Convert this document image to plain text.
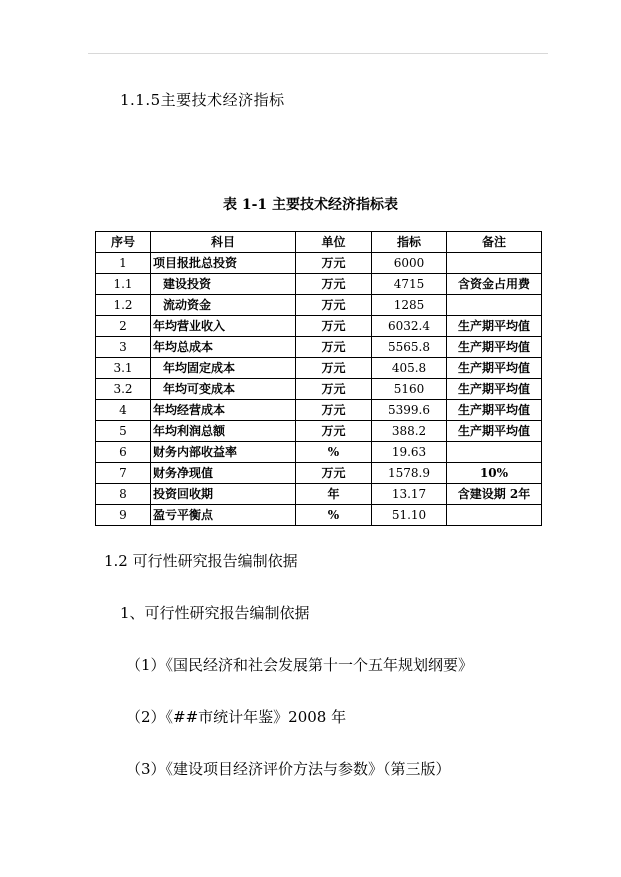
1.1.5主要技术经济指标
表 1-1 主要技术经济指标表
序号	科目	单位	指标	备注
1	项目报批总投资	万元	6000	
1.1	建设投资	万元	4715	含资金占用费
1.2	流动资金	万元	1285	
2	年均营业收入	万元	6032.4	生产期平均值
3	年均总成本	万元	5565.8	生产期平均值
3.1	年均固定成本	万元	405.8	生产期平均值
3.2	年均可变成本	万元	5160	生产期平均值
4	年均经营成本	万元	5399.6	生产期平均值
5	年均利润总额	万元	388.2	生产期平均值
6	财务内部收益率	%	19.63	
7	财务净现值	万元	1578.9	10%
8	投资回收期	年	13.17	含建设期 2年
9	盈亏平衡点	%	51.10	
1.2 可行性研究报告编制依据
1、可行性研究报告编制依据
（1）《国民经济和社会发展第十一个五年规划纲要》
（2）《##市统计年鉴》2008 年
（3）《建设项目经济评价方法与参数》（第三版）
